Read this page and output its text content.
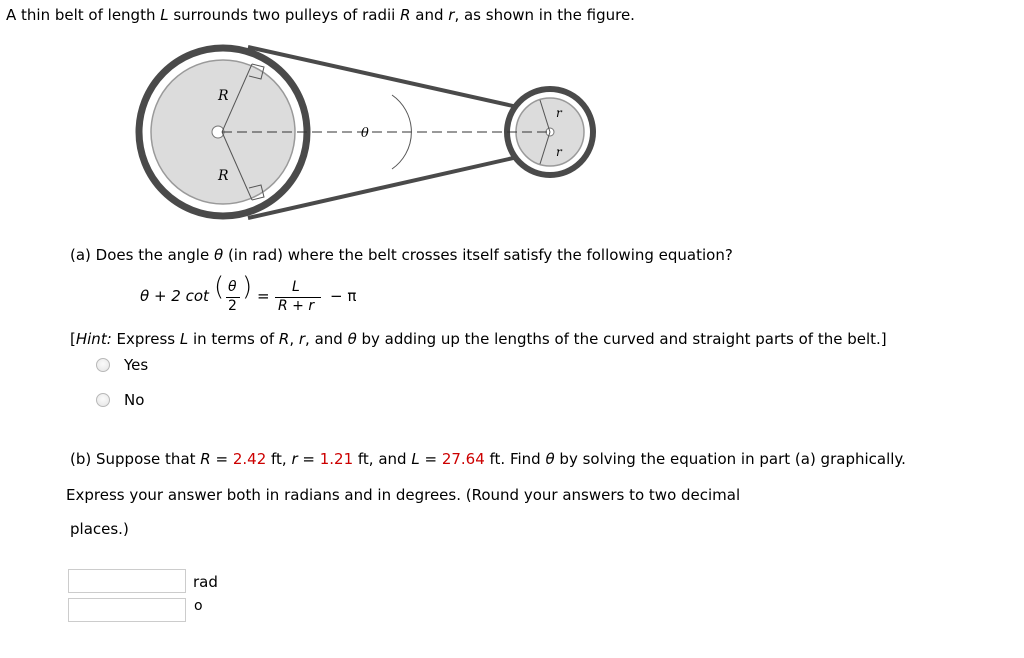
A thin belt of length L surrounds two pulleys of radii R and r, as shown in the figure.
R
R
θ
r
r
(a) Does the angle θ (in rad) where the belt crosses itself satisfy the following equation?
θ + 2 cot ( θ
2
) = L
R + r
− π
[Hint: Express L in terms of R, r, and θ by adding up the lengths of the curved and straight parts of the belt.]
Yes
No
(b) Suppose that R = 2.42 ft, r = 1.21 ft, and L = 27.64 ft. Find θ by solving the equation in part (a) graphically.
Express your answer both in radians and in degrees. (Round your answers to two decimal
places.)
rad
o
